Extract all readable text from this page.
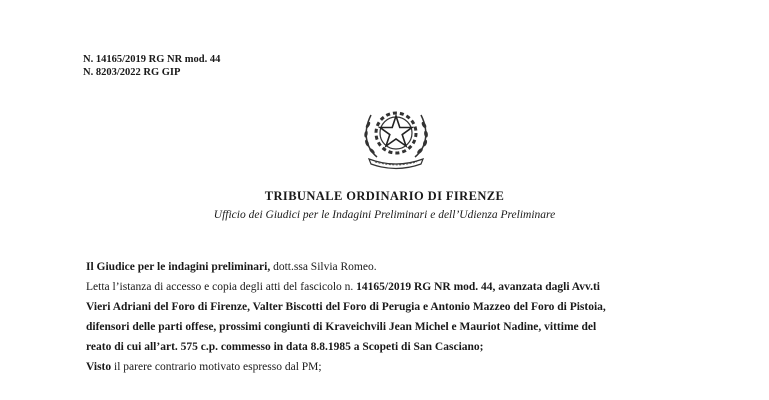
N. 14165/2019 RG NR mod. 44
N. 8203/2022 RG GIP
TRIBUNALE ORDINARIO DI FIRENZE
Ufficio dei Giudici per le Indagini Preliminari e dell’Udienza Preliminare
Il Giudice per le indagini preliminari, dott.ssa Silvia Romeo.
Letta l’istanza di accesso e copia degli atti del fascicolo n. 14165/2019 RG NR mod. 44, avanzata dagli Avv.ti
Vieri Adriani del Foro di Firenze, Valter Biscotti del Foro di Perugia e Antonio Mazzeo del Foro di Pistoia,
difensori delle parti offese, prossimi congiunti di Kraveichvili Jean Michel e Mauriot Nadine, vittime del
reato di cui all’art. 575 c.p. commesso in data 8.8.1985 a Scopeti di San Casciano;
Visto il parere contrario motivato espresso dal PM;
